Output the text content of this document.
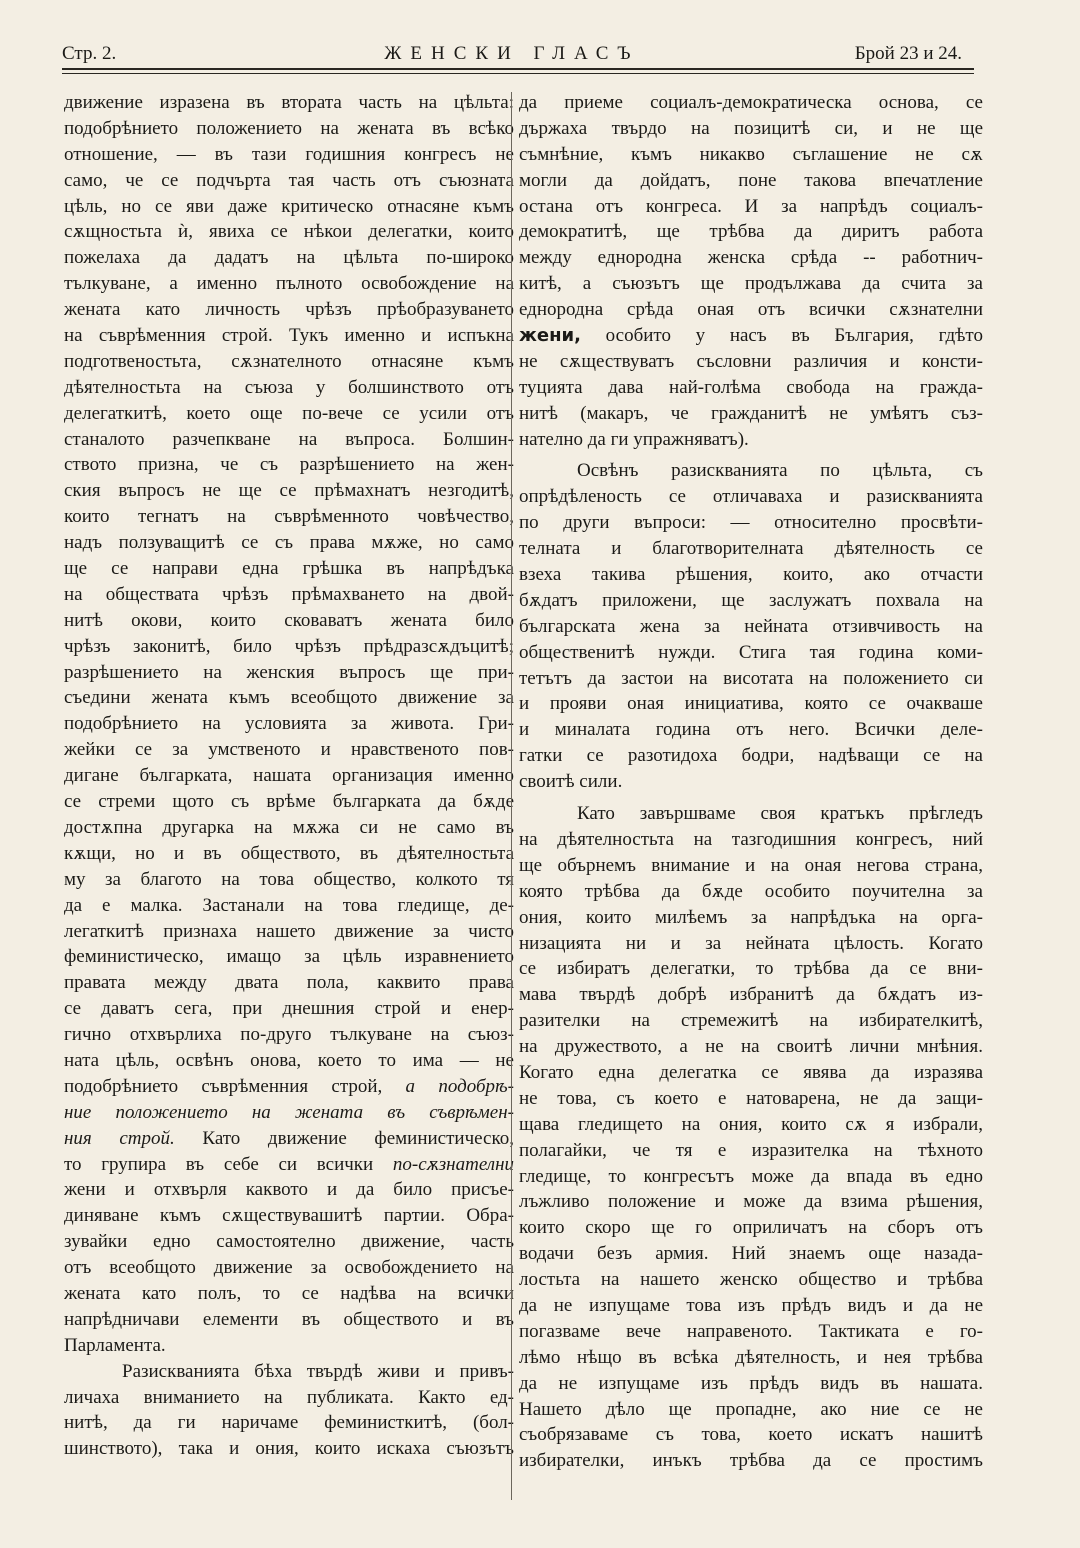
Стр. 2.	ЖЕНСКИ ГЛАСЪ	Брой 23 и 24.
движение изразена въ втората часть на цѣльта:
подобрѣнието положението на жената въ всѣко
отношение, — въ тази годишния конгресъ не
само, че се подчърта тая часть отъ съюзната
цѣль, но се яви даже критическо отнасяне къмъ
сѫщностьта ѝ, явиха се нѣкои делегатки, които
пожелаха да дадатъ на цѣльта по-широко
тълкуване, а именно пълното освобождение на
жената като личность чрѣзъ прѣобразуването
на съврѣменния строй. Тукъ именно и испъкна
подготвеностьта, сѫзнателното отнасяне къмъ
дѣятелностьта на съюза у болшинството отъ
делегаткитѣ, което още по-вече се усили отъ
станалото разчепкване на въпроса. Болшин-
ството призна, че съ разрѣшението на жен-
ския въпросъ не ще се прѣмахнатъ незгодитѣ,
които тегнатъ на съврѣменното човѣчество,
надъ ползуващитѣ се съ права мѫже, но само
ще се направи една грѣшка въ напрѣдъка
на обществата чрѣзъ прѣмахването на двой-
нитѣ окови, които сковаватъ жената било
чрѣзъ законитѣ, било чрѣзъ прѣдразсѫдъцитѣ;
разрѣшението на женския въпросъ ще при-
съедини жената къмъ всеобщото движение за
подобрѣнието на условията за живота. Гри-
жейки се за умственото и нравственото пов-
дигане българката, нашата организация именно
се стреми щото съ врѣме българката да бѫде
достѫпна другарка на мѫжа си не само въ
кѫщи, но и въ обществото, въ дѣятелностьта
му за благото на това общество, колкото тя
да е малка. Застанали на това гледище, де-
легаткитѣ признаха нашето движение за чисто
феминистическо, имащо за цѣль изравнението
правата между двата пола, каквито права
се даватъ сега, при днешния строй и енер-
гично отхвърлиха по-друго тълкуване на съюз-
ната цѣль, освѣнъ онова, което то има — не
подобрѣнието съврѣменния строй, а подобрѣ-
ние положението на жената въ съврѣмен-
ния строй. Като движение феминистическо,
то групира въ себе си всички по-сѫзнателни
жени и отхвърля каквото и да било присъе-
диняване къмъ сѫществувашитѣ партии. Обра-
зувайки едно самостоятелно движение, часть
отъ всеобщото движение за освобождението на
жената като полъ, то се надѣва на всички
напрѣдничави елементи въ обществото и въ
Парламента.
Разискванията бѣха твърдѣ живи и привъ-
личаха вниманието на публиката. Както ед-
нитѣ, да ги наричаме феминисткитѣ, (бол-
шинството), така и ония, които искаха съюзътъ
да приеме социалъ-демократическа основа, се
държаха твърдо на позицитѣ си, и не ще
съмнѣние, къмъ никакво съглашение не сѫ
могли да дойдатъ, поне такова впечатление
остана отъ конгреса. И за напрѣдъ социалъ-
демократитѣ, ще трѣбва да диритъ работа
между еднородна женска срѣда -- работнич-
китѣ, а съюзътъ ще продължава да счита за
еднородна срѣда оная отъ всички сѫзнателни
жени, особито у насъ въ България, гдѣто
не сѫществуватъ съсловни различия и консти-
туцията дава най-голѣма свобода на гражда-
нитѣ (макаръ, че гражданитѣ не умѣятъ съз-
нателно да ги упражняватъ).
Освѣнъ разискванията по цѣльта, съ
опрѣдѣленость се отличаваха и разискванията
по други въпроси: — относително просвѣти-
телната и благотворителната дѣятелность се
взеха такива рѣшения, които, ако отчасти
бѫдатъ приложени, ще заслужатъ похвала на
българската жена за нейната отзивчивость на
общественитѣ нужди. Стига тая година коми-
тетътъ да застои на висотата на положението си
и прояви оная инициатива, която се очакваше
и миналата година отъ него. Всички деле-
гатки се разотидоха бодри, надѣващи се на
своитѣ сили.
Като завършваме своя кратъкъ прѣгледъ
на дѣятелностьта на тазгодишния конгресъ, ний
ще обърнемъ внимание и на оная негова страна,
която трѣбва да бѫде особито поучителна за
ония, които милѣемъ за напрѣдъка на орга-
низацията ни и за нейната цѣлость. Когато
се избиратъ делегатки, то трѣбва да се вни-
мава твърдѣ добрѣ избранитѣ да бѫдатъ из-
разителки на стремежитѣ на избирателкитѣ,
на дружеството, а не на своитѣ лични мнѣния.
Когато една делегатка се явява да изразява
не това, съ което е натоварена, не да защи-
щава гледището на ония, които сѫ я избрали,
полагайки, че тя е изразителка на тѣхното
гледище, то конгресътъ може да впада въ едно
лъжливо положение и може да взима рѣшения,
които скоро ще го оприличатъ на сборъ отъ
водачи безъ армия. Ний знаемъ още назада-
лостьта на нашето женско общество и трѣбва
да не изпущаме това изъ прѣдъ видъ и да не
погазваме вече направеното. Тактиката е го-
лѣмо нѣщо въ всѣка дѣятелность, и нея трѣбва
да не изпущаме изъ прѣдъ видъ въ нашата.
Нашето дѣло ще пропадне, ако ние се не
съобрязаваме съ това, което искатъ нашитѣ
избирателки, инъкъ трѣбва да се простимъ
